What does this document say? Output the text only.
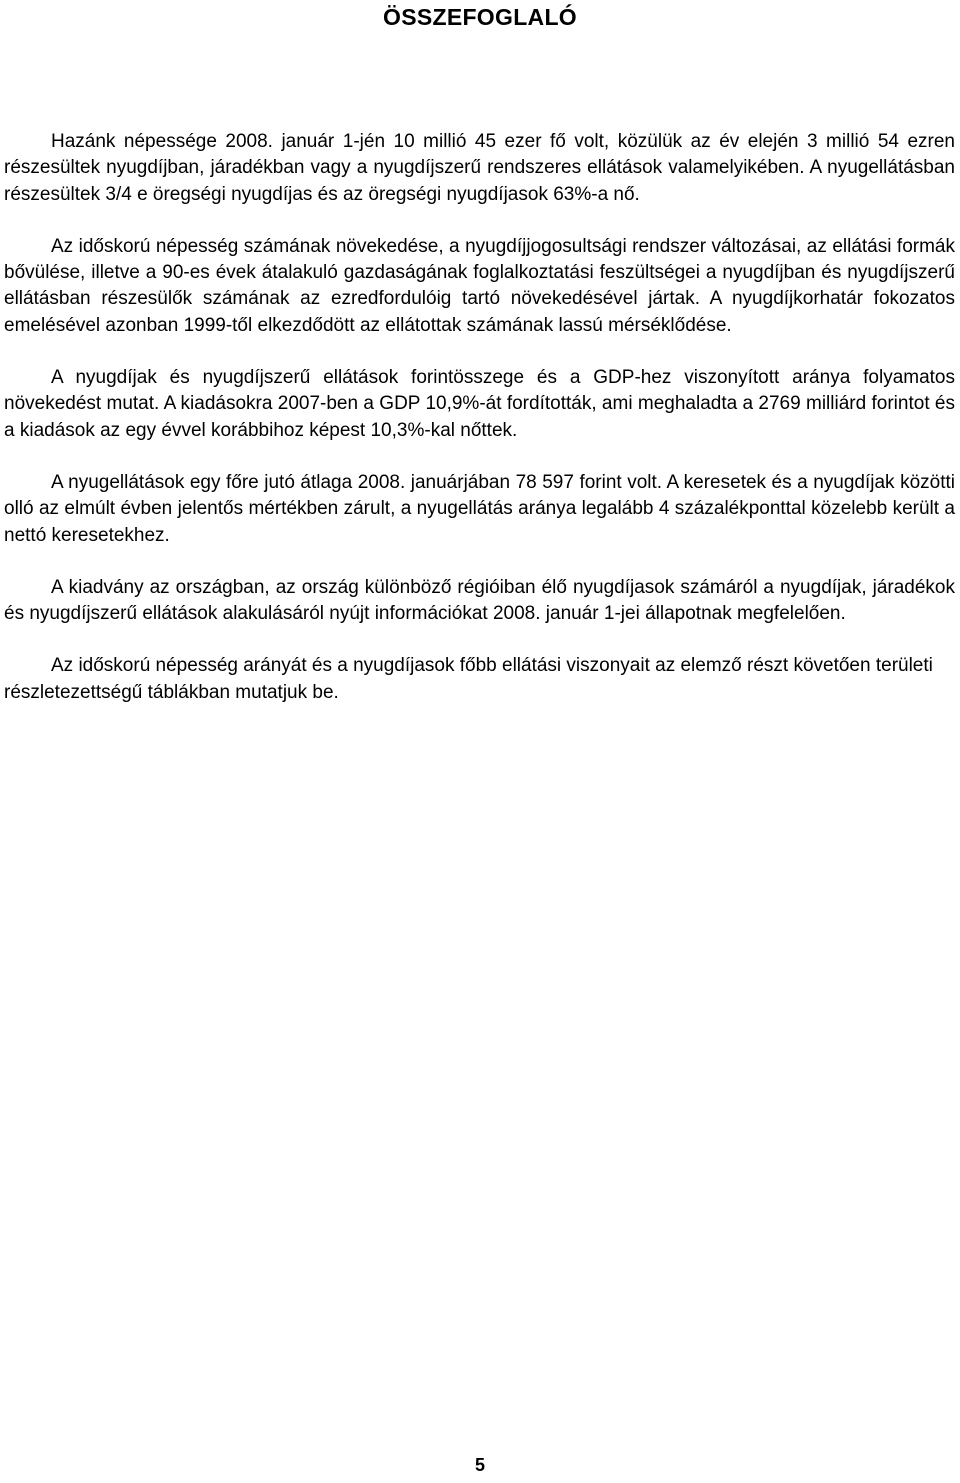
ÖSSZEFOGLALÓ

Hazánk népessége 2008. január 1-jén 10 millió 45 ezer fő volt, közülük az év elején 3 millió 54 ezren részesültek nyugdíjban, járadékban vagy a nyugdíjszerű rendszeres ellátások valamelyikében. A nyugellátásban részesültek 3/4 e öregségi nyugdíjas és az öregségi nyugdíjasok 63%-a nő.

Az időskorú népesség számának növekedése, a nyugdíjjogosultsági rendszer változásai, az ellátási formák bővülése, illetve a 90-es évek átalakuló gazdaságának foglalkoztatási feszültségei a nyugdíjban és nyugdíjszerű ellátásban részesülők számának az ezredfordulóig tartó növekedésével jártak. A nyugdíjkorhatár fokozatos emelésével azonban 1999-től elkezdődött az ellátottak számának lassú mérséklődése.

A nyugdíjak és nyugdíjszerű ellátások forintösszege és a GDP-hez viszonyított aránya folyamatos növekedést mutat. A kiadásokra 2007-ben a GDP 10,9%-át fordították, ami meghaladta a 2769 milliárd forintot és a kiadások az egy évvel korábbihoz képest 10,3%-kal nőttek.

A nyugellátások egy főre jutó átlaga 2008. januárjában 78 597 forint volt. A keresetek és a nyugdíjak közötti olló az elmúlt évben jelentős mértékben zárult, a nyugellátás aránya legalább 4 százalékponttal közelebb került a nettó keresetekhez.

A kiadvány az országban, az ország különböző régióiban élő nyugdíjasok számáról a nyugdíjak, járadékok és nyugdíjszerű ellátások alakulásáról nyújt információkat 2008. január 1-jei állapotnak megfelelően.

Az időskorú népesség arányát és a nyugdíjasok főbb ellátási viszonyait az elemző részt követően területi részletezettségű táblákban mutatjuk be.

5
